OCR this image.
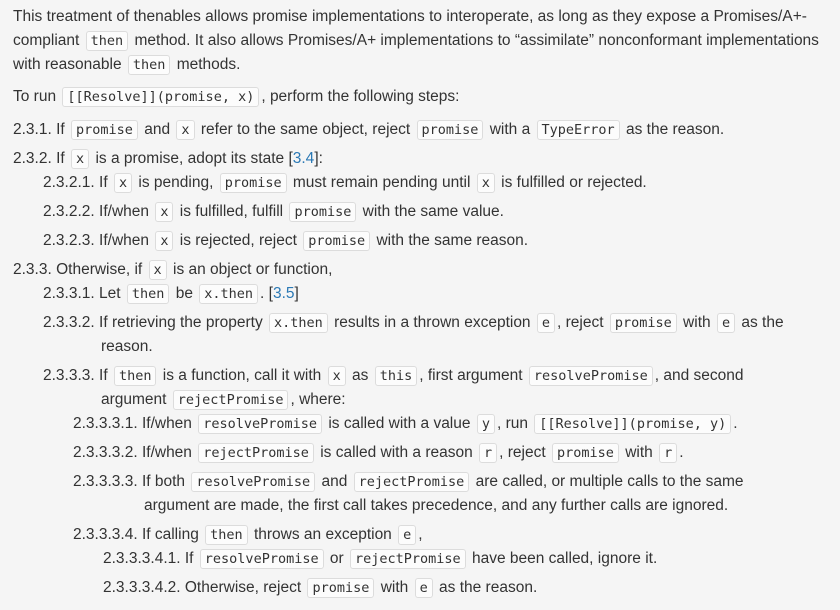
This treatment of thenables allows promise implementations to interoperate, as long as they expose a Promises/A+-compliant then method. It also allows Promises/A+ implementations to “assimilate” nonconformant implementations with reasonable then methods.

To run [[Resolve]](promise, x) , perform the following steps:

2.3.1. If promise and x refer to the same object, reject promise with a TypeError as the reason.
2.3.2. If x is a promise, adopt its state [3.4]:
2.3.2.1. If x is pending, promise must remain pending until x is fulfilled or rejected.
2.3.2.2. If/when x is fulfilled, fulfill promise with the same value.
2.3.2.3. If/when x is rejected, reject promise with the same reason.
2.3.3. Otherwise, if x is an object or function,
2.3.3.1. Let then be x.then . [3.5]
2.3.3.2. If retrieving the property x.then results in a thrown exception e , reject promise with e as the
reason.
2.3.3.3. If then is a function, call it with x as this , first argument resolvePromise , and second
argument rejectPromise , where:
2.3.3.3.1. If/when resolvePromise is called with a value y , run [[Resolve]](promise, y) .
2.3.3.3.2. If/when rejectPromise is called with a reason r , reject promise with r .
2.3.3.3.3. If both resolvePromise and rejectPromise are called, or multiple calls to the same
argument are made, the first call takes precedence, and any further calls are ignored.
2.3.3.3.4. If calling then throws an exception e ,
2.3.3.3.4.1. If resolvePromise or rejectPromise have been called, ignore it.
2.3.3.3.4.2. Otherwise, reject promise with e as the reason.
